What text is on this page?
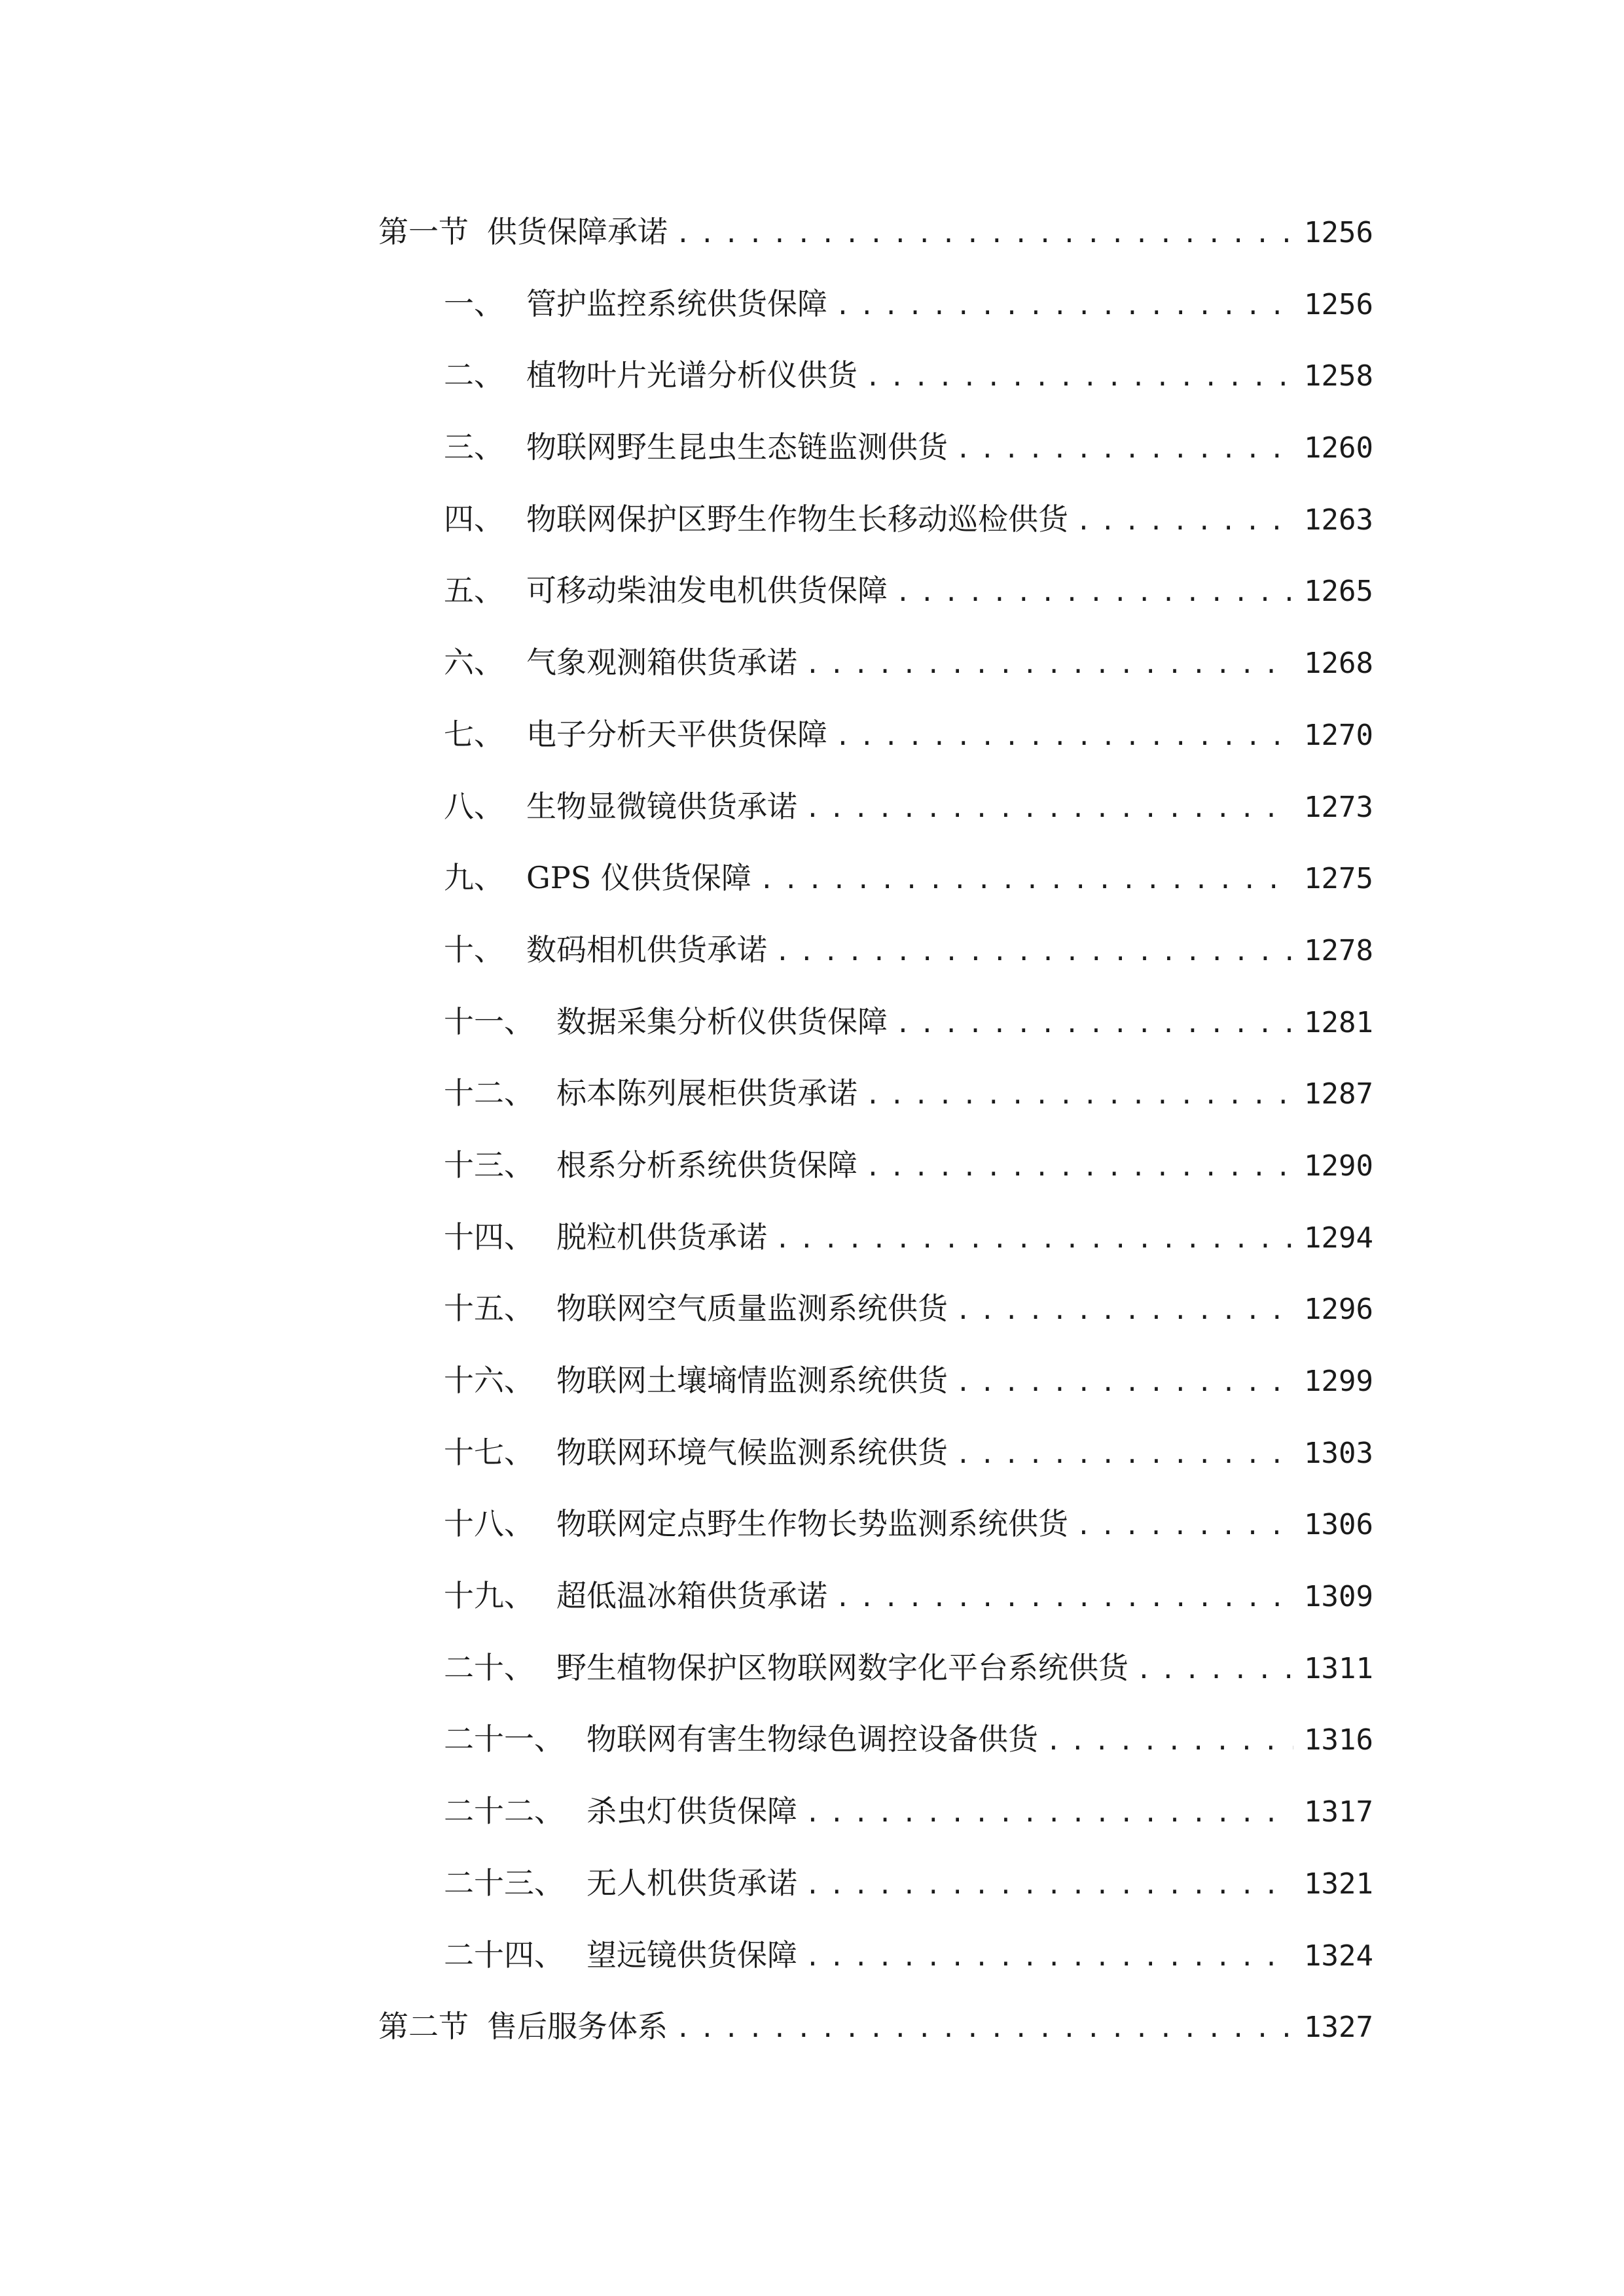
第一节 供货保障承诺 .....	1256
一、 管护监控系统供货保障 .....	1256
二、 植物叶片光谱分析仪供货 .....	1258
三、 物联网野生昆虫生态链监测供货 .....	1260
四、 物联网保护区野生作物生长移动巡检供货 .....	1263
五、 可移动柴油发电机供货保障 .....	1265
六、 气象观测箱供货承诺 .....	1268
七、 电子分析天平供货保障 .....	1270
八、 生物显微镜供货承诺 .....	1273
九、 GPS 仪供货保障 .....	1275
十、 数码相机供货承诺 .....	1278
十一、 数据采集分析仪供货保障 .....	1281
十二、 标本陈列展柜供货承诺 .....	1287
十三、 根系分析系统供货保障 .....	1290
十四、 脱粒机供货承诺 .....	1294
十五、 物联网空气质量监测系统供货 .....	1296
十六、 物联网土壤墒情监测系统供货 .....	1299
十七、 物联网环境气候监测系统供货 .....	1303
十八、 物联网定点野生作物长势监测系统供货 .....	1306
十九、 超低温冰箱供货承诺 .....	1309
二十、 野生植物保护区物联网数字化平台系统供货 .....	1311
二十一、 物联网有害生物绿色调控设备供货 .....	1316
二十二、 杀虫灯供货保障 .....	1317
二十三、 无人机供货承诺 .....	1321
二十四、 望远镜供货保障 .....	1324
第二节 售后服务体系 .....	1327
